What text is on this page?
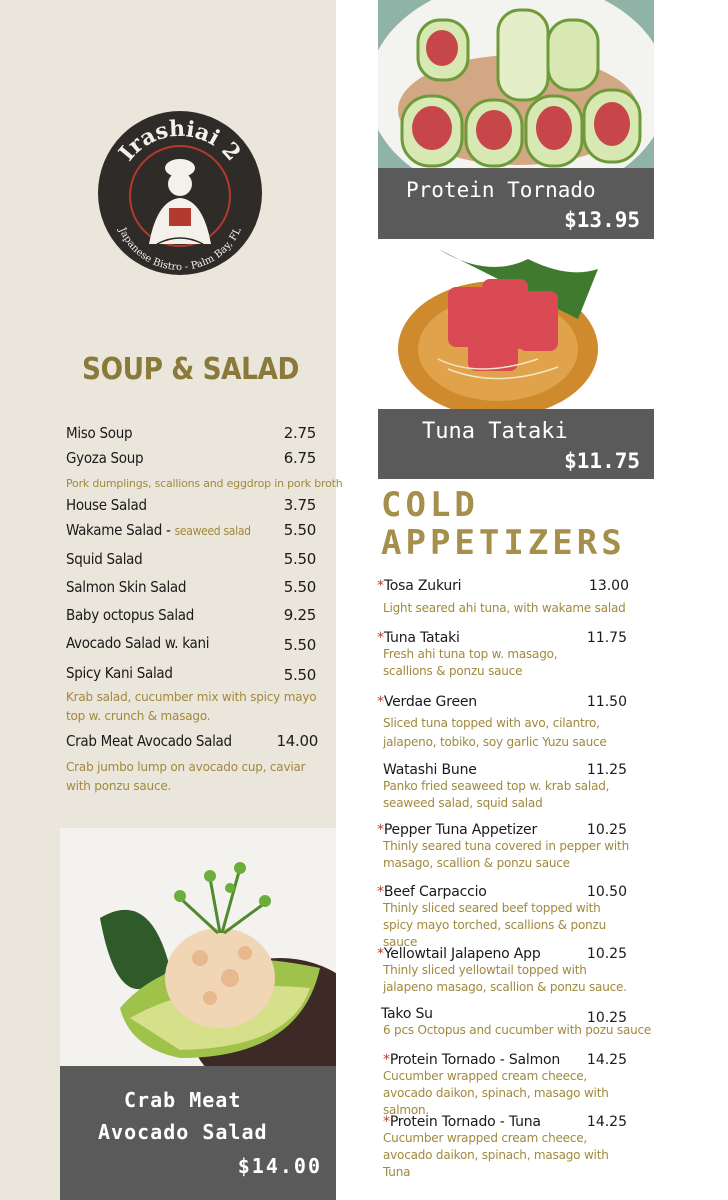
Irashiai 2
Japanese Bistro - Palm Bay, FL
SOUP & SALAD
Miso Soup	2.75
Gyoza Soup	6.75
Pork dumplings, scallions and eggdrop in pork broth
House Salad	3.75
Wakame Salad - seaweed salad 5.50
Squid Salad	5.50
Salmon Skin Salad	5.50
Baby octopus Salad	9.25
Avocado Salad w. kani	5.50
Spicy Kani Salad	5.50
Krab salad, cucumber mix with spicy mayo top w. crunch & masago.
Crab Meat Avocado Salad	14.00
Crab jumbo lump on avocado cup, caviar with ponzu sauce.
Protein Tornado
$13.95
Tuna Tataki
$11.75
COLD
APPETIZERS
*Tosa Zukuri	13.00
Light seared ahi tuna, with wakame salad
*Tuna Tataki	11.75
Fresh ahi tuna top w. masago, scallions & ponzu sauce
*Verdae Green	11.50
Sliced tuna topped with avo, cilantro, jalapeno, tobiko, soy garlic Yuzu sauce
Watashi Bune	11.25
Panko fried seaweed top w. krab salad, seaweed salad, squid salad
*Pepper Tuna Appetizer	10.25
Thinly seared tuna covered in pepper with masago, scallion & ponzu sauce
*Beef Carpaccio	10.50
Thinly sliced seared beef topped with spicy mayo torched, scallions & ponzu sauce
*Yellowtail Jalapeno App	10.25
Thinly sliced yellowtail topped with jalapeno masago, scallion & ponzu sauce.
Tako Su	10.25
6 pcs Octopus and cucumber with pozu sauce
*Protein Tornado - Salmon	14.25
Cucumber wrapped cream cheece, avocado daikon, spinach, masago with salmon.
*Protein Tornado - Tuna	14.25
Cucumber wrapped cream cheece, avocado daikon, spinach, masago with Tuna
Crab Meat
Avocado Salad
$14.00
